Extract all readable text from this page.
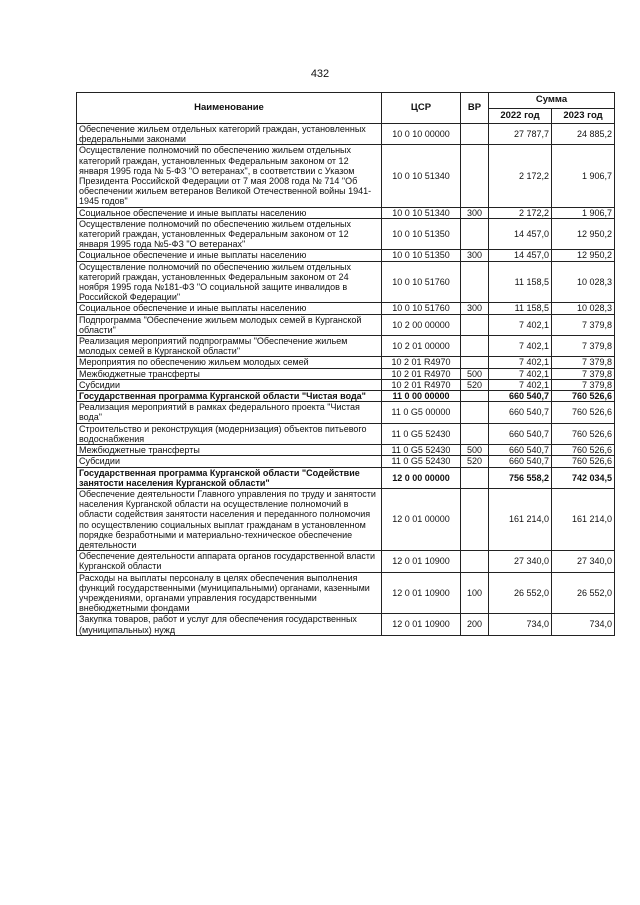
432
Наименование	ЦСР	ВР	Сумма	
			2022 год	2023 год
Обеспечение жильем отдельных категорий граждан, установленных федеральными законами	10 0 10 00000		27 787,7	24 885,2
Осуществление полномочий по обеспечению жильем отдельных категорий граждан, установленных Федеральным законом от 12 января 1995 года № 5-ФЗ "О ветеранах", в соответствии с Указом Президента Российской Федерации от 7 мая 2008 года № 714 "Об обеспечении жильем ветеранов Великой Отечественной войны 1941-1945 годов"	10 0 10 51340		2 172,2	1 906,7
Социальное обеспечение и иные выплаты населению	10 0 10 51340	300	2 172,2	1 906,7
Осуществление полномочий по обеспечению жильем отдельных категорий граждан, установленных Федеральным законом от 12 января 1995 года №5-ФЗ "О ветеранах"	10 0 10 51350		14 457,0	12 950,2
Социальное обеспечение и иные выплаты населению	10 0 10 51350	300	14 457,0	12 950,2
Осуществление полномочий по обеспечению жильем отдельных категорий граждан, установленных Федеральным законом от 24 ноября 1995 года №181-ФЗ "О социальной защите инвалидов в Российской Федерации"	10 0 10 51760		11 158,5	10 028,3
Социальное обеспечение и иные выплаты населению	10 0 10 51760	300	11 158,5	10 028,3
Подпрограмма "Обеспечение жильем молодых семей в Курганской области"	10 2 00 00000		7 402,1	7 379,8
Реализация мероприятий подпрограммы "Обеспечение жильем молодых семей в Курганской области"	10 2 01 00000		7 402,1	7 379,8
Мероприятия по обеспечению жильем молодых семей	10 2 01 R4970		7 402,1	7 379,8
Межбюджетные трансферты	10 2 01 R4970	500	7 402,1	7 379,8
Субсидии	10 2 01 R4970	520	7 402,1	7 379,8
Государственная программа Курганской области "Чистая вода"	11 0 00 00000		660 540,7	760 526,6
Реализация мероприятий в рамках федерального проекта "Чистая вода"	11 0 G5 00000		660 540,7	760 526,6
Строительство и реконструкция (модернизация) объектов питьевого водоснабжения	11 0 G5 52430		660 540,7	760 526,6
Межбюджетные трансферты	11 0 G5 52430	500	660 540,7	760 526,6
Субсидии	11 0 G5 52430	520	660 540,7	760 526,6
Государственная программа Курганской области "Содействие занятости населения Курганской области"	12 0 00 00000		756 558,2	742 034,5
Обеспечение деятельности Главного управления по труду и занятости населения Курганской области на осуществление полномочий в области содействия занятости населения и переданного полномочия по осуществлению социальных выплат гражданам в установленном порядке безработными и материально-техническое обеспечение деятельности	12 0 01 00000		161 214,0	161 214,0
Обеспечение деятельности аппарата органов государственной власти Курганской области	12 0 01 10900		27 340,0	27 340,0
Расходы на выплаты персоналу в целях обеспечения выполнения функций государственными (муниципальными) органами, казенными учреждениями, органами управления государственными внебюджетными фондами	12 0 01 10900	100	26 552,0	26 552,0
Закупка товаров, работ и услуг для обеспечения государственных (муниципальных) нужд	12 0 01 10900	200	734,0	734,0
